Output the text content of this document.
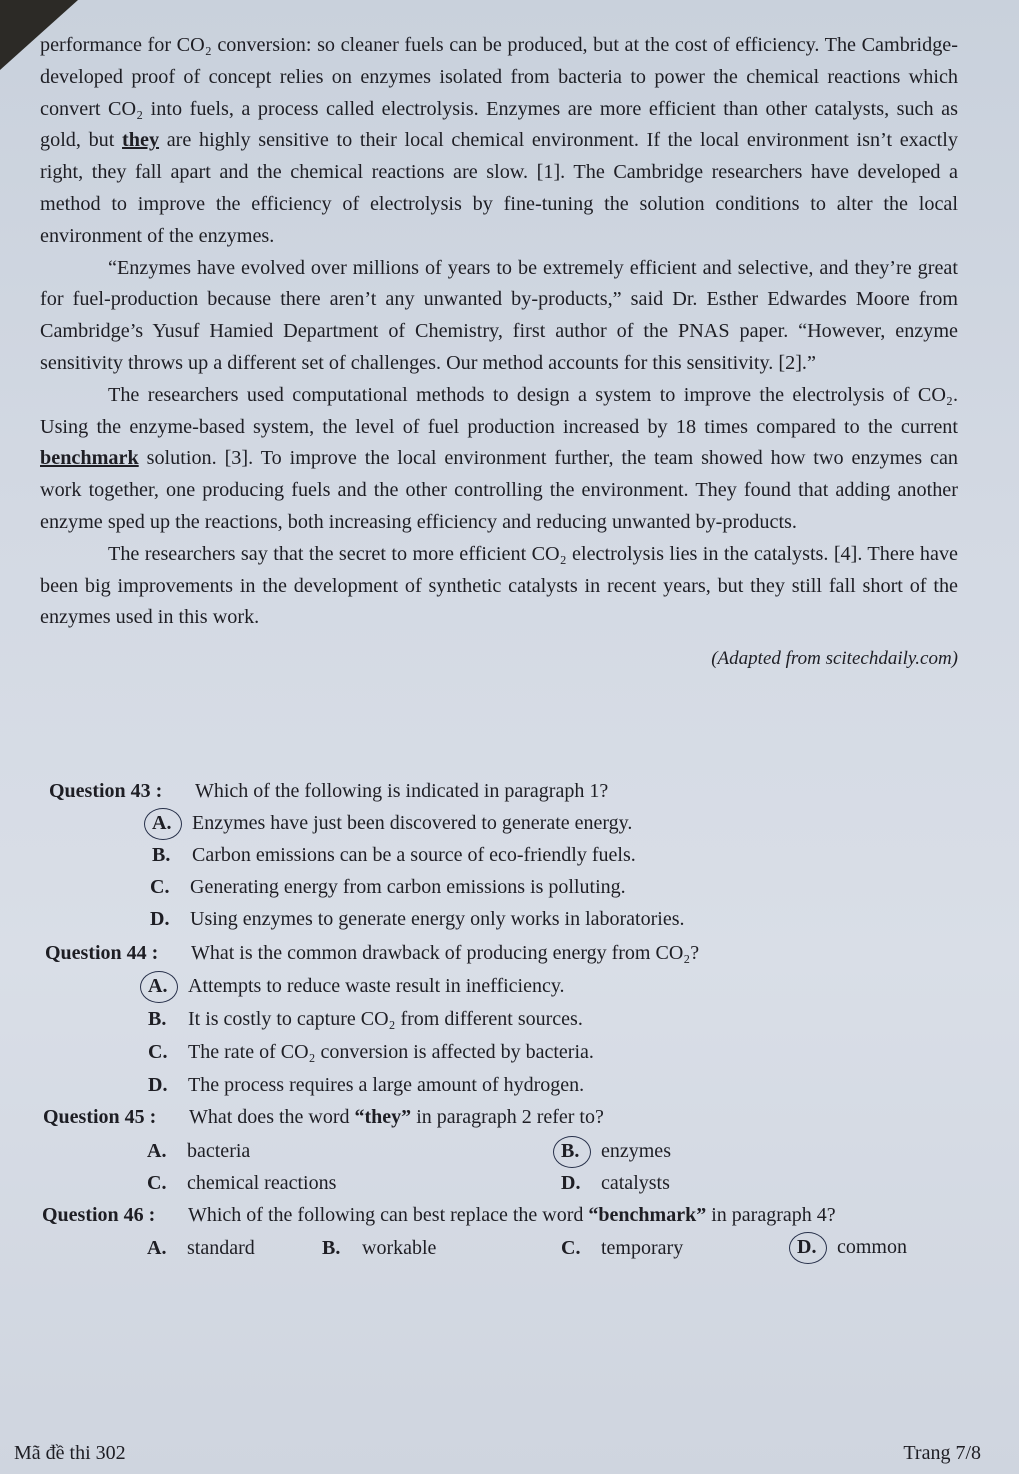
performance for CO₂ conversion: so cleaner fuels can be produced, but at the cost of efficiency. The Cambridge-developed proof of concept relies on enzymes isolated from bacteria to power the chemical reactions which convert CO₂ into fuels, a process called electrolysis. Enzymes are more efficient than other catalysts, such as gold, but they are highly sensitive to their local chemical environment. If the local environment isn’t exactly right, they fall apart and the chemical reactions are slow. [1]. The Cambridge researchers have developed a method to improve the efficiency of electrolysis by fine-tuning the solution conditions to alter the local environment of the enzymes.

“Enzymes have evolved over millions of years to be extremely efficient and selective, and they’re great for fuel-production because there aren’t any unwanted by-products,” said Dr. Esther Edwardes Moore from Cambridge’s Yusuf Hamied Department of Chemistry, first author of the PNAS paper. “However, enzyme sensitivity throws up a different set of challenges. Our method accounts for this sensitivity. [2].”

The researchers used computational methods to design a system to improve the electrolysis of CO₂. Using the enzyme-based system, the level of fuel production increased by 18 times compared to the current benchmark solution. [3]. To improve the local environment further, the team showed how two enzymes can work together, one producing fuels and the other controlling the environment. They found that adding another enzyme sped up the reactions, both increasing efficiency and reducing unwanted by-products.

The researchers say that the secret to more efficient CO₂ electrolysis lies in the catalysts. [4]. There have been big improvements in the development of synthetic catalysts in recent years, but they still fall short of the enzymes used in this work.

(Adapted from scitechdaily.com)
Question 43 :	Which of the following is indicated in paragraph 1?
A.	Enzymes have just been discovered to generate energy.
B.	Carbon emissions can be a source of eco-friendly fuels.
C.	Generating energy from carbon emissions is polluting.
D.	Using enzymes to generate energy only works in laboratories.
Question 44 :	What is the common drawback of producing energy from CO₂?
A.	Attempts to reduce waste result in inefficiency.
B.	It is costly to capture CO₂ from different sources.
C.	The rate of CO₂ conversion is affected by bacteria.
D.	The process requires a large amount of hydrogen.
Question 45 :	What does the word “they” in paragraph 2 refer to?
A.	bacteria	B.	enzymes
C.	chemical reactions	D.	catalysts
Question 46 :	Which of the following can best replace the word “benchmark” in paragraph 4?
A.	standard	B.	workable	C.	temporary	D.	common
Mã đề thi 302	Trang 7/8
